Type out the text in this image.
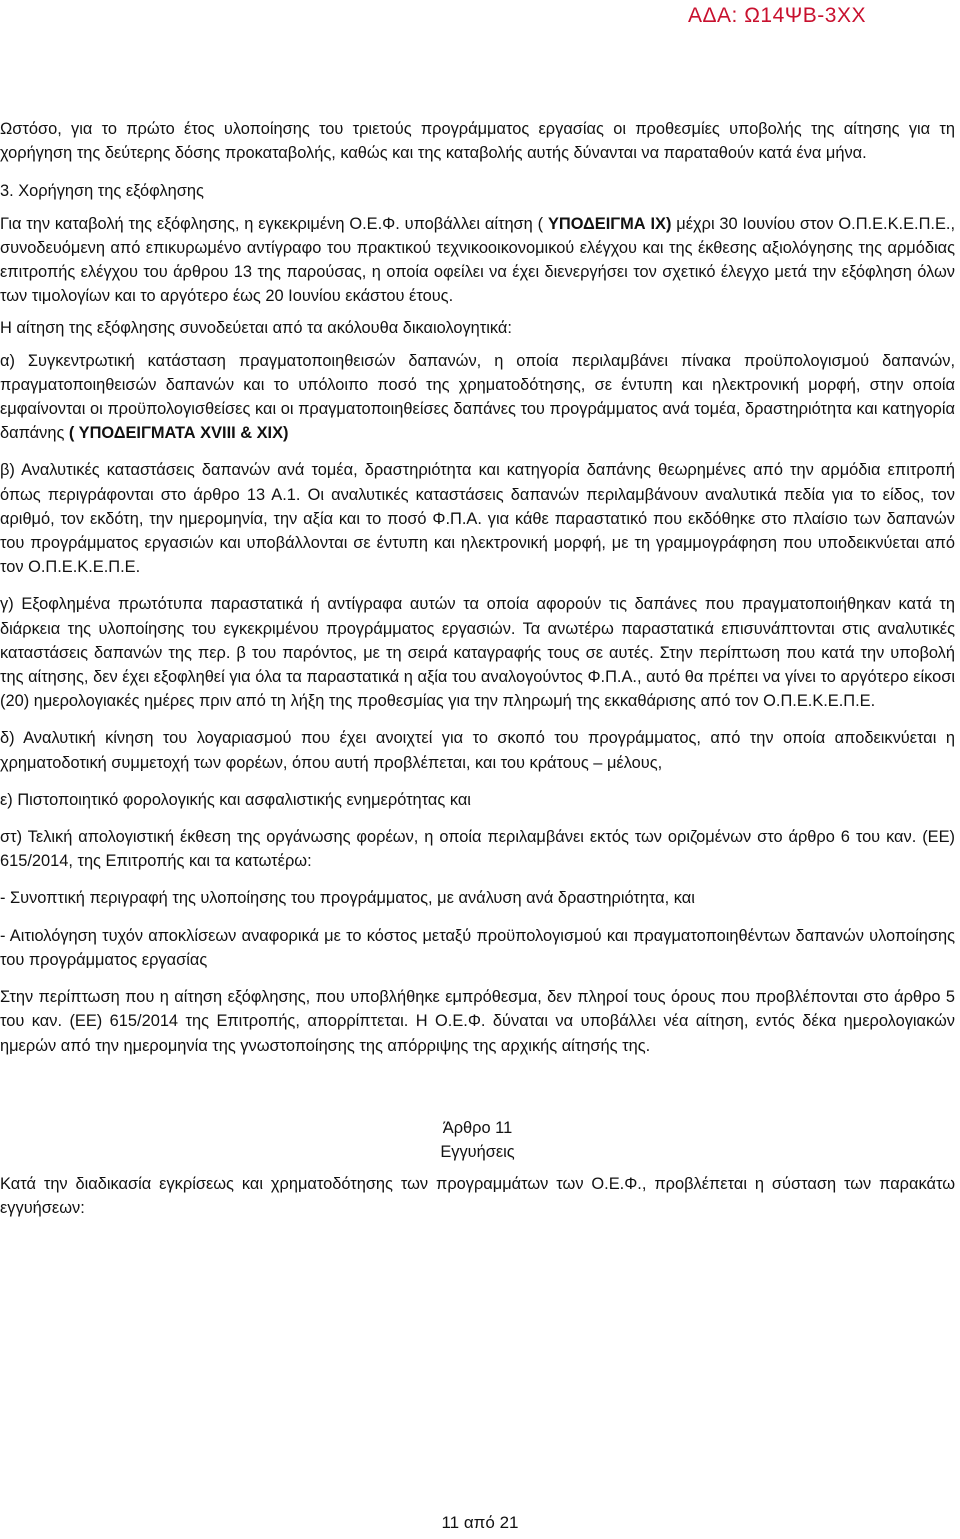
ΑΔΑ: Ω14ΨΒ-3ΧΧ

Ωστόσο, για το πρώτο έτος υλοποίησης του τριετούς προγράμματος εργασίας οι προθεσμίες υποβολής της αίτησης για τη χορήγηση της δεύτερης δόσης προκαταβολής, καθώς και της καταβολής αυτής δύνανται να παραταθούν κατά ένα μήνα.

3. Χορήγηση της εξόφλησης

Για την καταβολή της εξόφλησης, η εγκεκριμένη Ο.Ε.Φ. υποβάλλει αίτηση ( ΥΠΟΔΕΙΓΜΑ ΙΧ) μέχρι 30 Ιουνίου στον Ο.Π.Ε.Κ.Ε.Π.Ε., συνοδευόμενη από επικυρωμένο αντίγραφο του πρακτικού τεχνικοοικονομικού ελέγχου και της έκθεσης αξιολόγησης της αρμόδιας επιτροπής ελέγχου του άρθρου 13 της παρούσας, η οποία οφείλει να έχει διενεργήσει τον σχετικό έλεγχο μετά την εξόφληση όλων των τιμολογίων και το αργότερο έως 20 Ιουνίου εκάστου έτους.

Η αίτηση της εξόφλησης συνοδεύεται από τα ακόλουθα δικαιολογητικά:

α) Συγκεντρωτική κατάσταση πραγματοποιηθεισών δαπανών, η οποία περιλαμβάνει πίνακα προϋπολογισμού δαπανών, πραγματοποιηθεισών δαπανών και το υπόλοιπο ποσό της χρηματοδότησης, σε έντυπη και ηλεκτρονική μορφή, στην οποία εμφαίνονται οι προϋπολογισθείσες και οι πραγματοποιηθείσες δαπάνες του προγράμματος ανά τομέα, δραστηριότητα και κατηγορία δαπάνης ( ΥΠΟΔΕΙΓΜΑΤΑ XVIII & XIX)

β) Αναλυτικές καταστάσεις δαπανών ανά τομέα, δραστηριότητα και κατηγορία δαπάνης θεωρημένες από την αρμόδια επιτροπή όπως περιγράφονται στο άρθρο 13 Α.1. Οι αναλυτικές καταστάσεις δαπανών περιλαμβάνουν αναλυτικά πεδία για το είδος, τον αριθμό, τον εκδότη, την ημερομηνία, την αξία και το ποσό Φ.Π.Α. για κάθε παραστατικό που εκδόθηκε στο πλαίσιο των δαπανών του προγράμματος εργασιών και υποβάλλονται σε έντυπη και ηλεκτρονική μορφή, με τη γραμμογράφηση που υποδεικνύεται από τον Ο.Π.Ε.Κ.Ε.Π.Ε.

γ) Εξοφλημένα πρωτότυπα παραστατικά ή αντίγραφα αυτών τα οποία αφορούν τις δαπάνες που πραγματοποιήθηκαν κατά τη διάρκεια της υλοποίησης του εγκεκριμένου προγράμματος εργασιών. Τα ανωτέρω παραστατικά επισυνάπτονται στις αναλυτικές καταστάσεις δαπανών της περ. β του παρόντος, με τη σειρά καταγραφής τους σε αυτές. Στην περίπτωση που κατά την υποβολή της αίτησης, δεν έχει εξοφληθεί για όλα τα παραστατικά η αξία του αναλογούντος Φ.Π.Α., αυτό θα πρέπει να γίνει το αργότερο είκοσι (20) ημερολογιακές ημέρες πριν από τη λήξη της προθεσμίας για την πληρωμή της εκκαθάρισης από τον Ο.Π.Ε.Κ.Ε.Π.Ε.

δ) Αναλυτική κίνηση του λογαριασμού που έχει ανοιχτεί για το σκοπό του προγράμματος, από την οποία αποδεικνύεται η χρηματοδοτική συμμετοχή των φορέων, όπου αυτή προβλέπεται, και του κράτους – μέλους,

ε) Πιστοποιητικό φορολογικής και ασφαλιστικής ενημερότητας και

στ) Τελική απολογιστική έκθεση της οργάνωσης φορέων, η οποία περιλαμβάνει εκτός των οριζομένων στο άρθρο 6 του καν. (ΕΕ) 615/2014, της Επιτροπής και τα κατωτέρω:

- Συνοπτική περιγραφή της υλοποίησης του προγράμματος, με ανάλυση ανά δραστηριότητα, και

- Αιτιολόγηση τυχόν αποκλίσεων αναφορικά με το κόστος μεταξύ προϋπολογισμού και πραγματοποιηθέντων δαπανών υλοποίησης του προγράμματος εργασίας

Στην περίπτωση που η αίτηση εξόφλησης, που υποβλήθηκε εμπρόθεσμα, δεν πληροί τους όρους που προβλέπονται στο άρθρο 5 του καν. (ΕΕ) 615/2014 της Επιτροπής, απορρίπτεται. Η Ο.Ε.Φ. δύναται να υποβάλλει νέα αίτηση, εντός δέκα ημερολογιακών ημερών από την ημερομηνία της γνωστοποίησης της απόρριψης της αρχικής αίτησής της.

Άρθρο 11

Εγγυήσεις

Κατά την διαδικασία εγκρίσεως και χρηματοδότησης των προγραμμάτων των Ο.Ε.Φ., προβλέπεται η σύσταση των παρακάτω εγγυήσεων:

11 από 21
